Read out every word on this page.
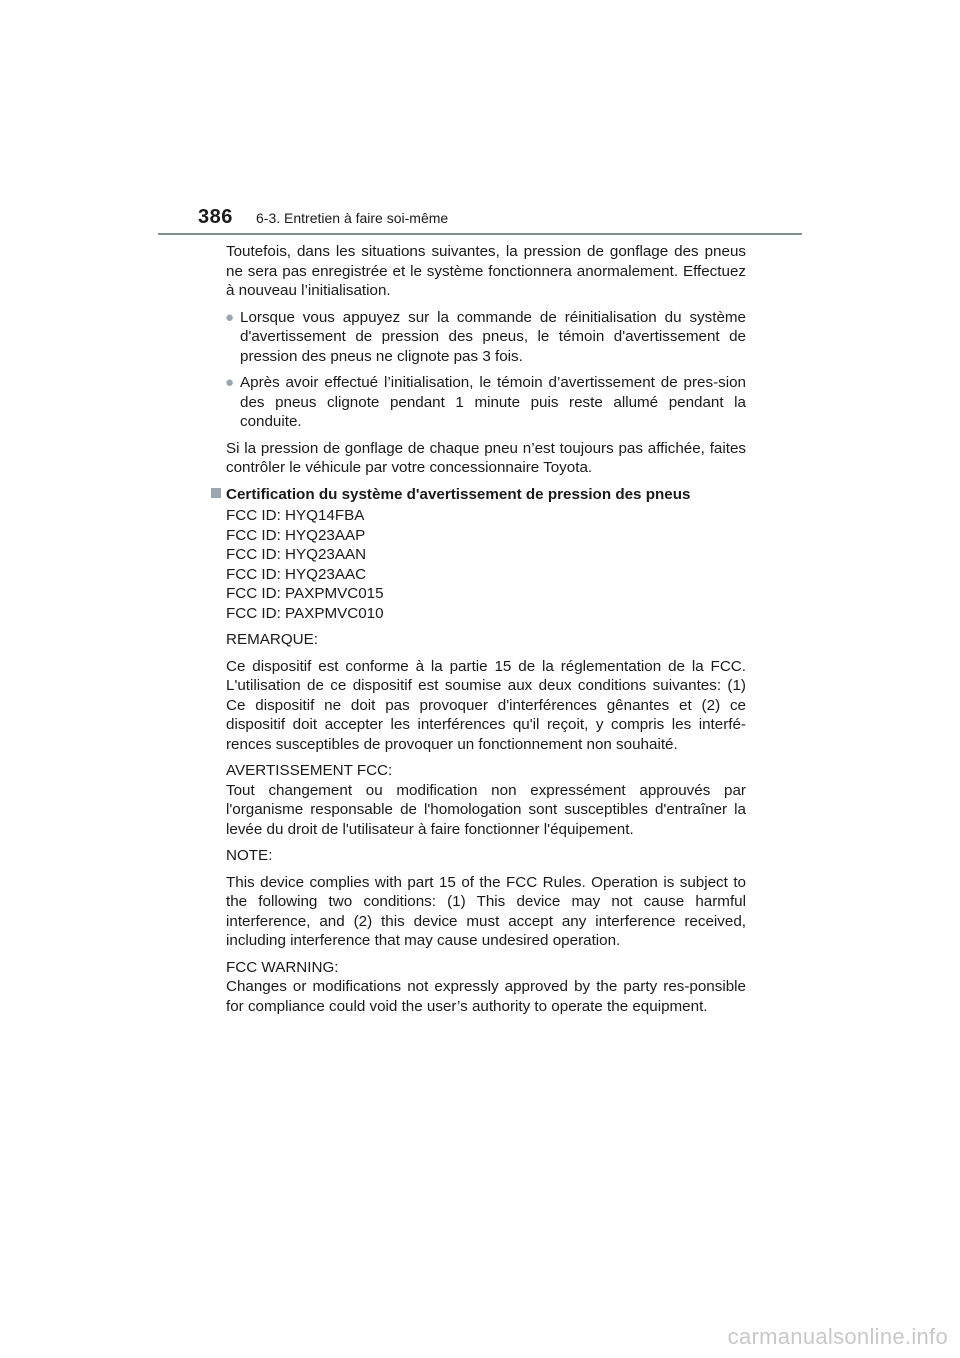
386 6-3. Entretien à faire soi-même

Toutefois, dans les situations suivantes, la pression de gonflage des pneus ne sera pas enregistrée et le système fonctionnera anormalement. Effectuez à nouveau l’initialisation.

● Lorsque vous appuyez sur la commande de réinitialisation du système d'avertissement de pression des pneus, le témoin d'avertissement de pression des pneus ne clignote pas 3 fois.
● Après avoir effectué l’initialisation, le témoin d’avertissement de pres-sion des pneus clignote pendant 1 minute puis reste allumé pendant la conduite.

Si la pression de gonflage de chaque pneu n’est toujours pas affichée, faites contrôler le véhicule par votre concessionnaire Toyota.

Certification du système d'avertissement de pression des pneus
FCC ID: HYQ14FBA
FCC ID: HYQ23AAP
FCC ID: HYQ23AAN
FCC ID: HYQ23AAC
FCC ID: PAXPMVC015
FCC ID: PAXPMVC010

REMARQUE:

Ce dispositif est conforme à la partie 15 de la réglementation de la FCC. L'utilisation de ce dispositif est soumise aux deux conditions suivantes: (1) Ce dispositif ne doit pas provoquer d'interférences gênantes et (2) ce dispositif doit accepter les interférences qu'il reçoit, y compris les interfé-rences susceptibles de provoquer un fonctionnement non souhaité.

AVERTISSEMENT FCC:
Tout changement ou modification non expressément approuvés par l'organisme responsable de l'homologation sont susceptibles d'entraîner la levée du droit de l'utilisateur à faire fonctionner l'équipement.

NOTE:

This device complies with part 15 of the FCC Rules. Operation is subject to the following two conditions: (1) This device may not cause harmful interference, and (2) this device must accept any interference received, including interference that may cause undesired operation.

FCC WARNING:
Changes or modifications not expressly approved by the party res-ponsible for compliance could void the user’s authority to operate the equipment.
carmanualsonline.info
